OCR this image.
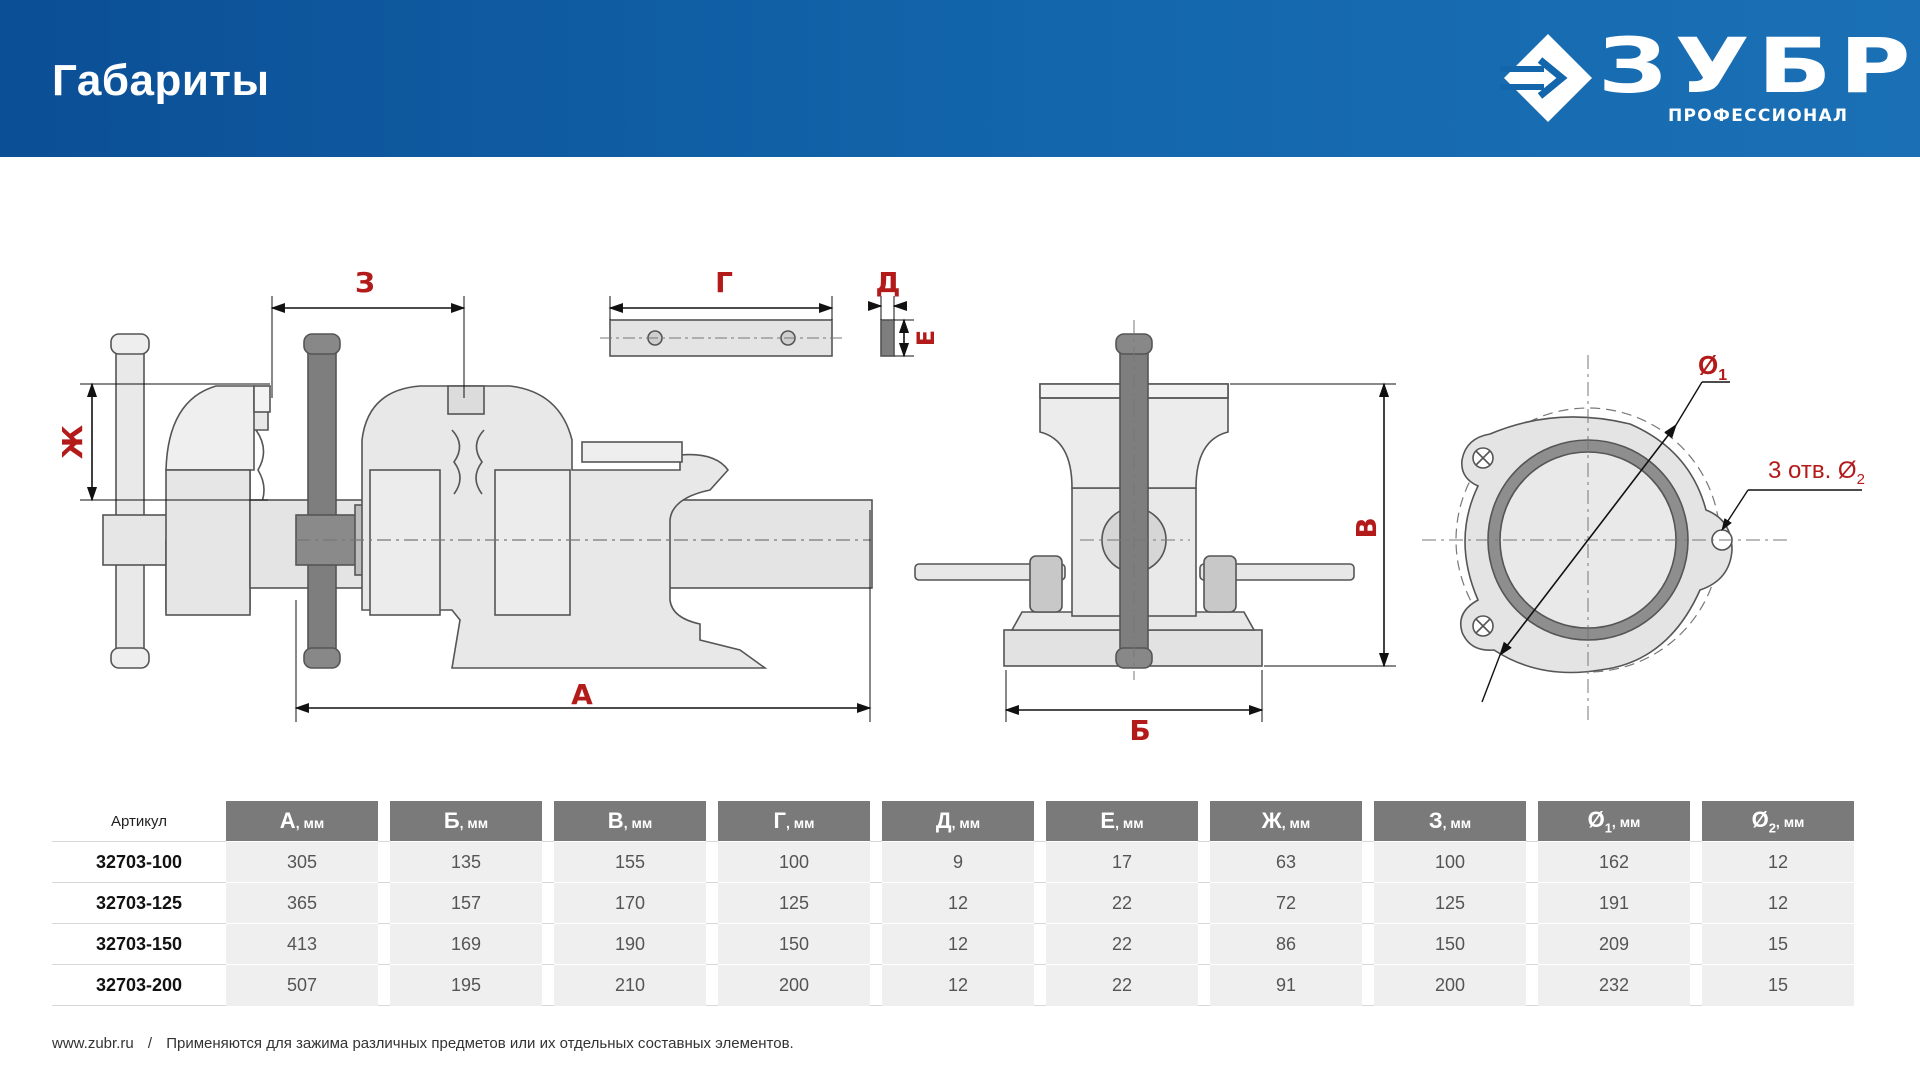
Габариты	ЗУБР
ПРОФЕССИОНАЛ
А
З
Ж
Г	Д
Е
Б
В
$Ø_1$
3 отв. $Ø_2$
Артикул	А, мм		Б, мм		В, мм		Г, мм		Д, мм		Е, мм		Ж, мм		З, мм		$Ø_1$, мм		$Ø_2$, мм
32703-100	305		135		155		100		9		17		63		100		162		12
32703-125	365		157		170		125		12		22		72		125		191		12
32703-150	413		169		190		150		12		22		86		150		209		15
32703-200	507		195		210		200		12		22		91		200		232		15
www.zubr.ru / Применяются для зажима различных предметов или их отдельных составных элементов.
